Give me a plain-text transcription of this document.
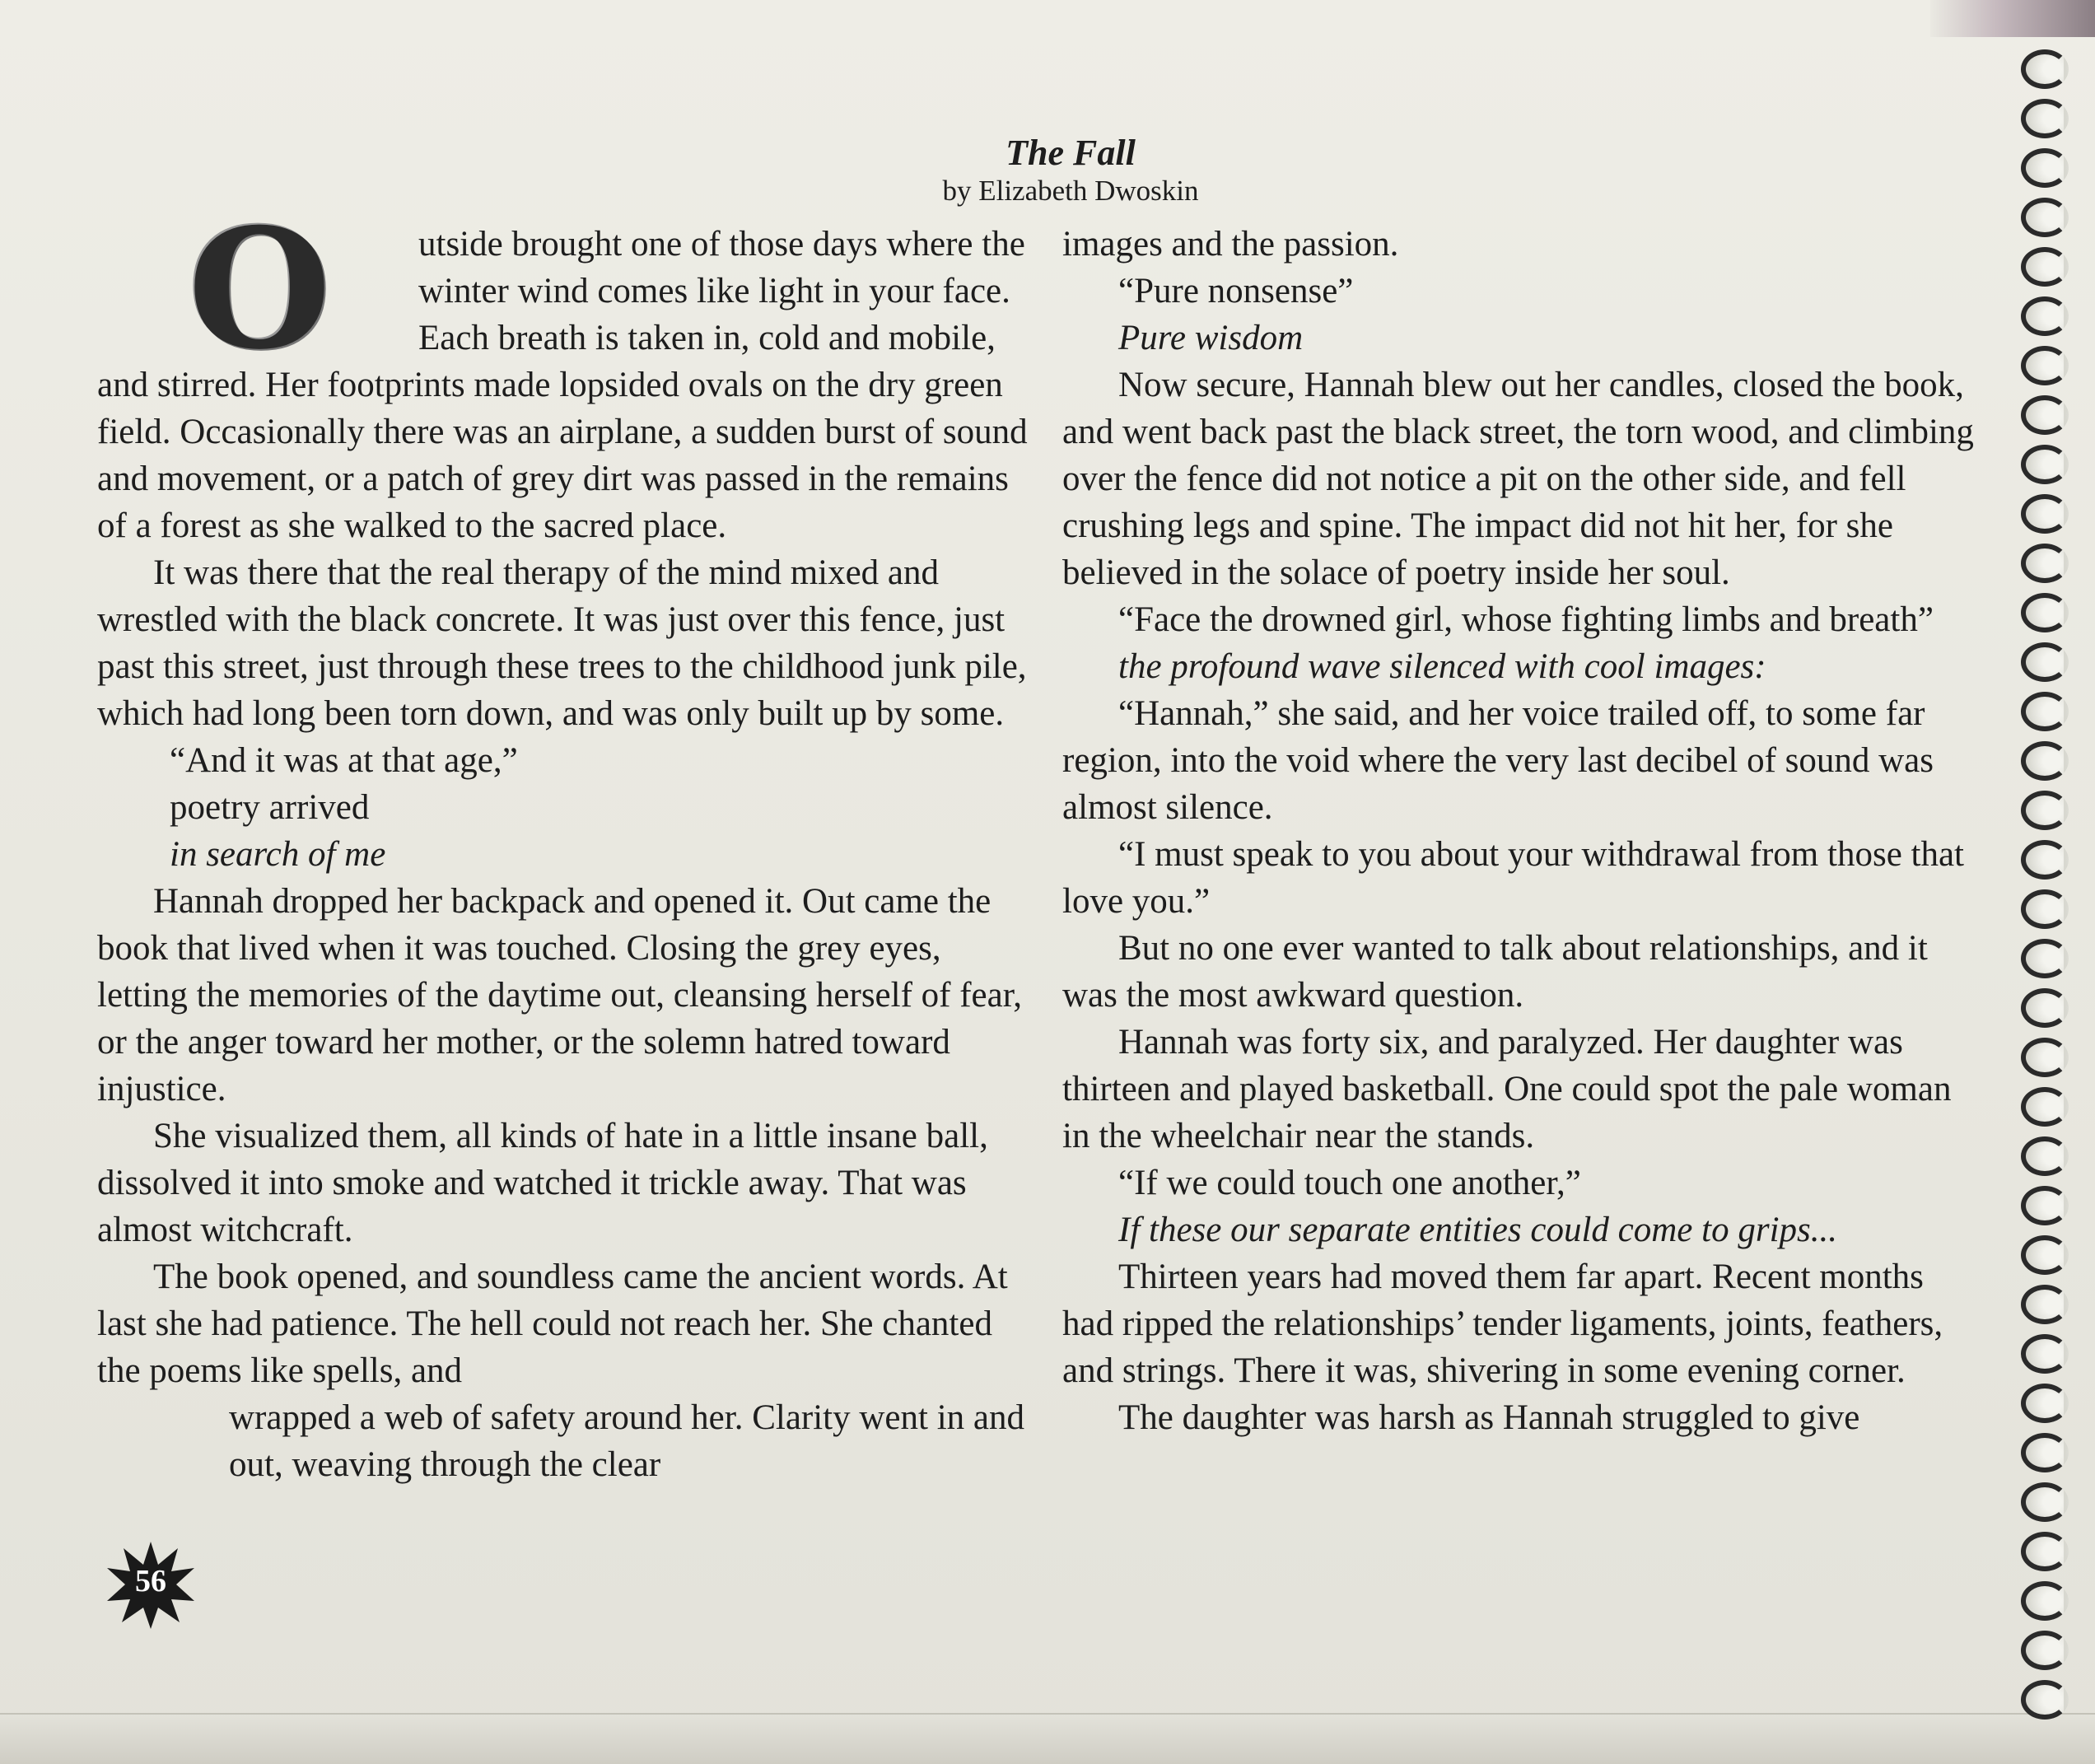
The Fall
by Elizabeth Dwoskin

O utside brought one of those days where the winter wind comes like light in your face. Each breath is taken in, cold and mobile, and stirred. Her footprints made lopsided ovals on the dry green field. Occasionally there was an airplane, a sudden burst of sound and movement, or a patch of grey dirt was passed in the remains of a forest as she walked to the sacred place.

It was there that the real therapy of the mind mixed and wrestled with the black concrete. It was just over this fence, just past this street, just through these trees to the childhood junk pile, which had long been torn down, and was only built up by some.

“And it was at that age,”

poetry arrived

in search of me

Hannah dropped her backpack and opened it. Out came the book that lived when it was touched. Closing the grey eyes, letting the memories of the daytime out, cleansing herself of fear, or the anger toward her mother, or the solemn hatred toward injustice.

She visualized them, all kinds of hate in a little insane ball, dissolved it into smoke and watched it trickle away. That was almost witchcraft.

The book opened, and soundless came the ancient words. At last she had patience. The hell could not reach her. She chanted the poems like spells, and

wrapped a web of safety around her. Clarity went in and out, weaving through the clear

56

images and the passion.

“Pure nonsense”

Pure wisdom

Now secure, Hannah blew out her candles, closed the book, and went back past the black street, the torn wood, and climbing over the fence did not notice a pit on the other side, and fell crushing legs and spine. The impact did not hit her, for she believed in the solace of poetry inside her soul.

“Face the drowned girl, whose fighting limbs and breath”

the profound wave silenced with cool images:

“Hannah,” she said, and her voice trailed off, to some far region, into the void where the very last decibel of sound was almost silence.

“I must speak to you about your withdrawal from those that love you.”

But no one ever wanted to talk about relationships, and it was the most awkward question.

Hannah was forty six, and paralyzed. Her daughter was thirteen and played basketball. One could spot the pale woman in the wheelchair near the stands.

“If we could touch one another,”

If these our separate entities could come to grips...

Thirteen years had moved them far apart. Recent months had ripped the relationships’ tender ligaments, joints, feathers, and strings. There it was, shivering in some evening corner.

The daughter was harsh as Hannah struggled to give
